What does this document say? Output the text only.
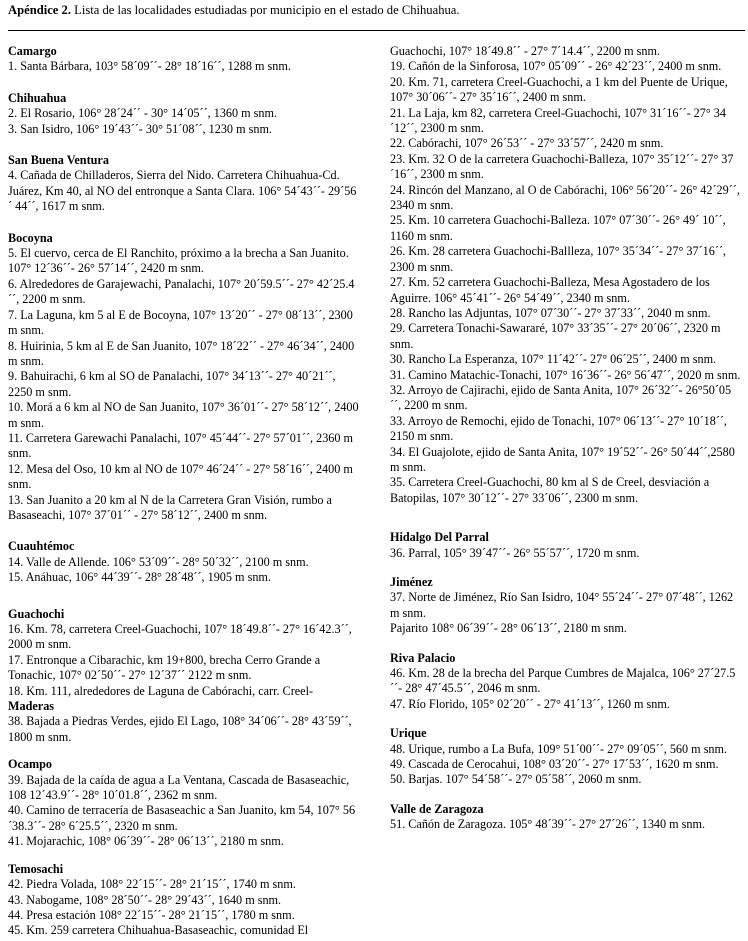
Apéndice 2. Lista de las localidades estudiadas por municipio en el estado de Chihuahua.
Camargo
1. Santa Bárbara, 103° 58´09´´- 28° 18´16´´, 1288 m snm.
Chihuahua
2. El Rosario, 106° 28´24´´ - 30° 14´05´´, 1360 m snm.
3. San Isidro, 106° 19´43´´- 30° 51´08´´, 1230 m snm.
San Buena Ventura
4. Cañada de Chilladeros, Sierra del Nido. Carretera Chihuahua-Cd. Juárez, Km 40, al NO del entronque a Santa Clara. 106° 54´43´´- 29´56´ 44´´, 1617 m snm.
Bocoyna
5. El cuervo, cerca de El Ranchito, próximo a la brecha a San Juanito. 107° 12´36´´- 26° 57´14´´, 2420 m snm.
6. Alrededores de Garajewachi, Panalachi, 107° 20´59.5´´- 27° 42´25.4´´, 2200 m snm.
7. La Laguna, km 5 al E de Bocoyna, 107° 13´20´´ - 27° 08´13´´, 2300 m snm.
8. Huirinia, 5 km al E de San Juanito, 107° 18´22´´ - 27° 46´34´´, 2400 m snm.
9. Bahuirachi, 6 km al SO de Panalachi, 107° 34´13´´- 27° 40´21´´, 2250 m snm.
10. Morá a 6 km al NO de San Juanito, 107° 36´01´´- 27° 58´12´´, 2400 m snm.
11. Carretera Garewachi Panalachi, 107° 45´44´´- 27° 57´01´´, 2360 m snm.
12. Mesa del Oso, 10 km al NO de 107° 46´24´´ - 27° 58´16´´, 2400 m snm.
13. San Juanito a 20 km al N de la Carretera Gran Visión, rumbo a Basaseachi, 107° 37´01´´ - 27° 58´12´´, 2400 m snm.
Cuauhtémoc
14. Valle de Allende. 106° 53´09´´- 28° 50´32´´, 2100 m snm.
15. Anáhuac, 106° 44´39´´- 28° 28´48´´, 1905 m snm.
Guachochi
16. Km. 78, carretera Creel-Guachochi, 107° 18´49.8´´- 27° 16´42.3´´, 2000 m snm.
17. Entronque a Cibarachic, km 19+800, brecha Cerro Grande a Tonachic, 107° 02´50´´- 27° 12´37´´ 2122 m snm.
18. Km. 111, alrededores de Laguna de Cabórachi, carr. Creel-
Maderas
38. Bajada a Piedras Verdes, ejido El Lago, 108° 34´06´´- 28° 43´59´´, 1800 m snm.
Ocampo
39. Bajada de la caída de agua a La Ventana, Cascada de Basaseachic, 108 12´43.9´´- 28° 10´01.8´´, 2362 m snm.
40. Camino de terracería de Basaseachic a San Juanito, km 54, 107° 56´38.3´´- 28° 6´25.5´´, 2320 m snm.
41. Mojarachic, 108° 06´39´´- 28° 06´13´´, 2180 m snm.
Temosachi
42. Piedra Volada, 108° 22´15´´- 28° 21´15´´, 1740 m snm.
43. Nabogame, 108° 28´50´´- 28° 29´43´´, 1640 m snm.
44. Presa estación 108° 22´15´´- 28° 21´15´´, 1780 m snm.
45. Km. 259 carretera Chihuahua-Basaseachic, comunidad El
Guachochi, 107° 18´49.8´´ - 27° 7´14.4´´, 2200 m snm.
19. Cañón de la Sinforosa, 107° 05´09´´ - 26° 42´23´´, 2400 m snm.
20. Km. 71, carretera Creel-Guachochi, a 1 km del Puente de Urique, 107° 30´06´´- 27° 35´16´´, 2400 m snm.
21. La Laja, km 82, carretera Creel-Guachochi, 107° 31´16´´- 27° 34´12´´, 2300 m snm.
22. Cabórachi, 107° 26´53´´ - 27° 33´57´´, 2420 m snm.
23. Km. 32 O de la carretera Guachochi-Balleza, 107° 35´12´´- 27° 37´16´´, 2300 m snm.
24. Rincón del Manzano, al O de Cabórachi, 106° 56´20´´- 26° 42´29´´, 2340 m snm.
25. Km. 10 carretera Guachochi-Balleza. 107° 07´30´´- 26° 49´ 10´´, 1160 m snm.
26. Km. 28 carretera Guachochi-Ballleza, 107° 35´34´´- 27° 37´16´´, 2300 m snm.
27. Km. 52 carretera Guachochi-Balleza, Mesa Agostadero de los Aguirre. 106° 45´41´´- 26° 54´49´´, 2340 m snm.
28. Rancho las Adjuntas, 107° 07´30´´- 27° 37´33´´, 2040 m snm.
29. Carretera Tonachi-Sawararé, 107° 33´35´´- 27° 20´06´´, 2320 m snm.
30. Rancho La Esperanza, 107° 11´42´´- 27° 06´25´´, 2400 m snm.
31. Camino Matachic-Tonachi, 107° 16´36´´- 26° 56´47´´, 2020 m snm.
32. Arroyo de Cajirachi, ejido de Santa Anita, 107° 26´32´´- 26°50´05´´, 2200 m snm.
33. Arroyo de Remochi, ejido de Tonachi, 107° 06´13´´- 27° 10´18´´, 2150 m snm.
34. El Guajolote, ejido de Santa Anita, 107° 19´52´´- 26° 50´44´´,2580 m snm.
35. Carretera Creel-Guachochi, 80 km al S de Creel, desviación a Batopilas, 107° 30´12´´- 27° 33´06´´, 2300 m snm.
Hidalgo Del Parral
36. Parral, 105° 39´47´´- 26° 55´57´´, 1720 m snm.
Jiménez
37. Norte de Jiménez, Río San Isidro, 104° 55´24´´- 27° 07´48´´, 1262 m snm.
Pajarito 108° 06´39´´- 28° 06´13´´, 2180 m snm.
Riva Palacio
46. Km. 28 de la brecha del Parque Cumbres de Majalca, 106° 27´27.5´´- 28° 47´45.5´´, 2046 m snm.
47. Río Florido, 105° 02´20´´ - 27° 41´13´´, 1260 m snm.
Urique
48. Urique, rumbo a La Bufa, 109° 51´00´´- 27° 09´05´´, 560 m snm.
49. Cascada de Cerocahui, 108° 03´20´´- 27° 17´53´´, 1620 m snm.
50. Barjas. 107° 54´58´´- 27° 05´58´´, 2060 m snm.
Valle de Zaragoza
51. Cañón de Zaragoza. 105° 48´39´´- 27° 27´26´´, 1340 m snm.
